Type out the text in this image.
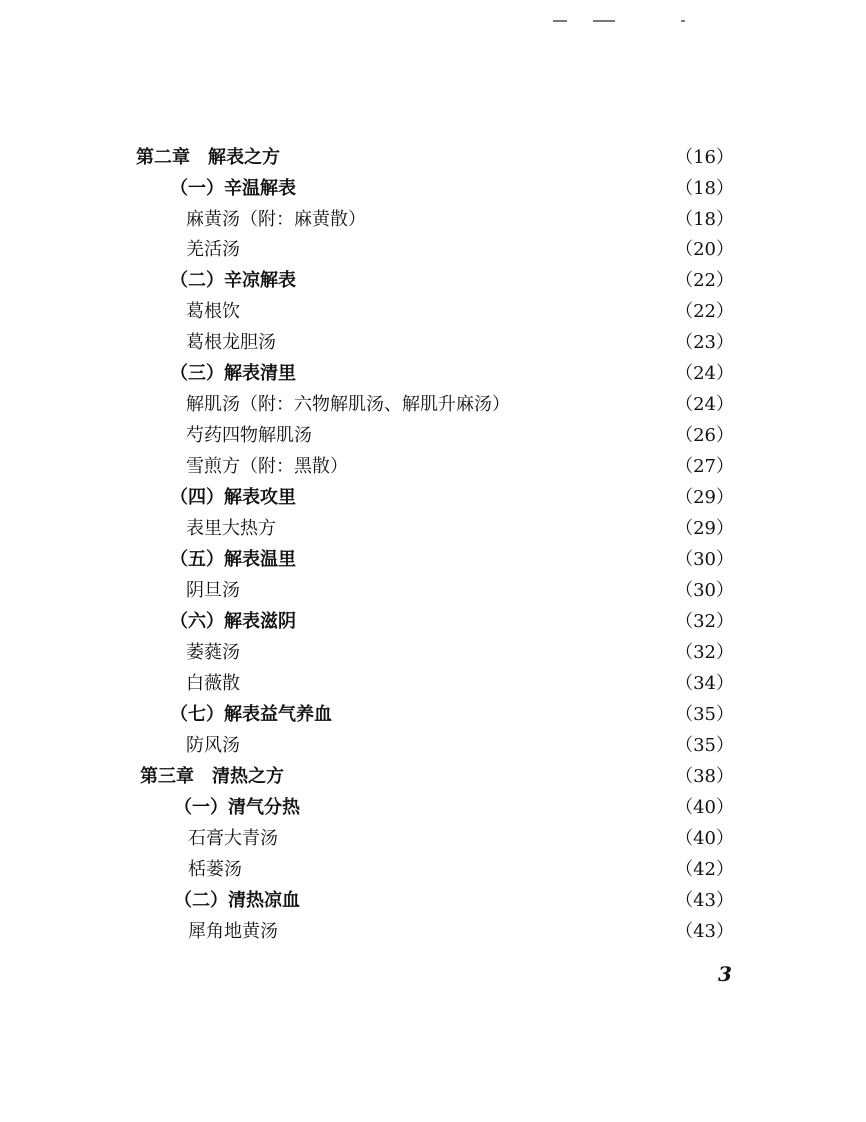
第二章　解表之方	（16）
（一）辛温解表	（18）
麻黄汤（附：麻黄散）	（18）
羌活汤	（20）
（二）辛凉解表	（22）
葛根饮	（22）
葛根龙胆汤	（23）
（三）解表清里	（24）
解肌汤（附：六物解肌汤、解肌升麻汤）	（24）
芍药四物解肌汤	（26）
雪煎方（附：黑散）	（27）
（四）解表攻里	（29）
表里大热方	（29）
（五）解表温里	（30）
阴旦汤	（30）
（六）解表滋阴	（32）
萎蕤汤	（32）
白薇散	（34）
（七）解表益气养血	（35）
防风汤	（35）
第三章　清热之方	（38）
（一）清气分热	（40）
石膏大青汤	（40）
栝蒌汤	（42）
（二）清热凉血	（43）
犀角地黄汤	（43）
3
